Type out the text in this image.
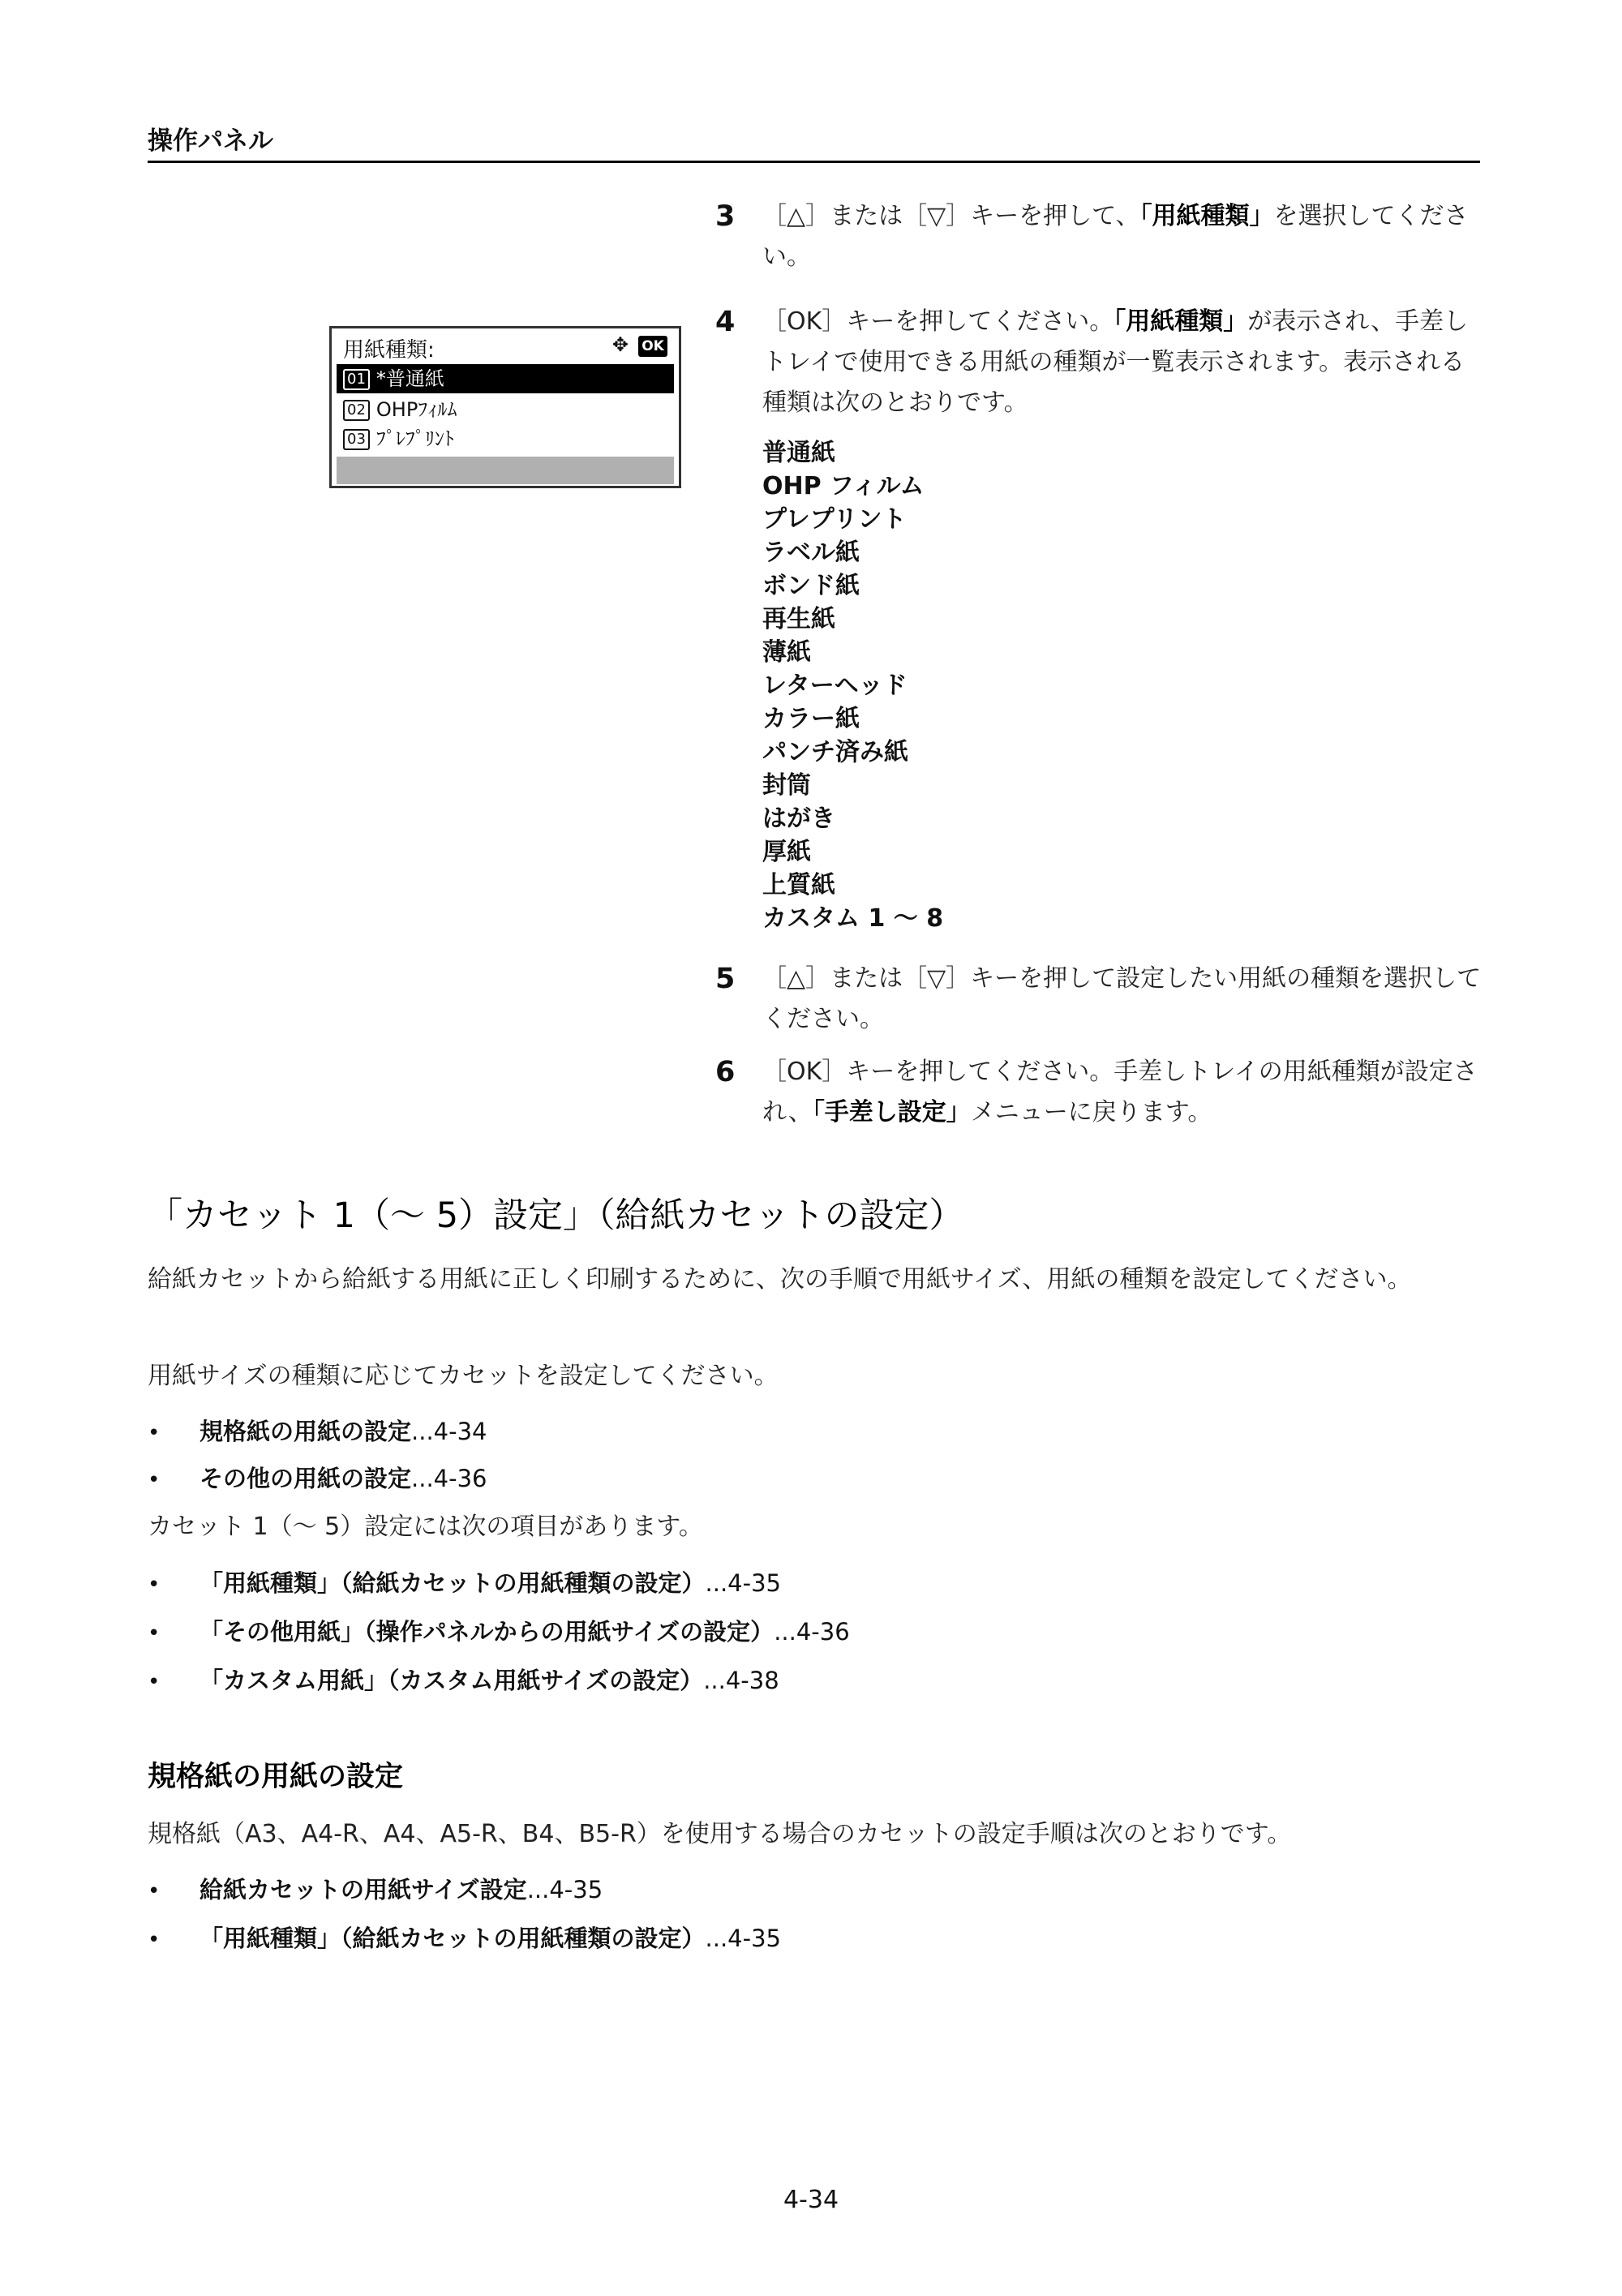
操作パネル
用紙種類:	✥ OK
01 *普通紙
02 OHPﾌｨﾙﾑ
03 ﾌﾟﾚﾌﾟﾘﾝﾄ
3 ［△］または［▽］キーを押して、「用紙種類」を選択してください。
4 ［OK］キーを押してください。「用紙種類」が表示され、手差しトレイで使用できる用紙の種類が一覧表示されます。表示される種類は次のとおりです。
普通紙
OHP フィルム
プレプリント
ラベル紙
ボンド紙
再生紙
薄紙
レターヘッド
カラー紙
パンチ済み紙
封筒
はがき
厚紙
上質紙
カスタム 1 ～ 8
5 ［△］または［▽］キーを押して設定したい用紙の種類を選択してください。
6 ［OK］キーを押してください。手差しトレイの用紙種類が設定され、「手差し設定」メニューに戻ります。
「カセット 1（～ 5）設定」（給紙カセットの設定）
給紙カセットから給紙する用紙に正しく印刷するために、次の手順で用紙サイズ、用紙の種類を設定してください。
用紙サイズの種類に応じてカセットを設定してください。
• 規格紙の用紙の設定...4-34
• その他の用紙の設定...4-36
カセット 1（～ 5）設定には次の項目があります。
• 「用紙種類」（給紙カセットの用紙種類の設定）...4-35
• 「その他用紙」（操作パネルからの用紙サイズの設定）...4-36
• 「カスタム用紙」（カスタム用紙サイズの設定）...4-38
規格紙の用紙の設定
規格紙（A3、A4-R、A4、A5-R、B4、B5-R）を使用する場合のカセットの設定手順は次のとおりです。
• 給紙カセットの用紙サイズ設定...4-35
• 「用紙種類」（給紙カセットの用紙種類の設定）...4-35
4-34
